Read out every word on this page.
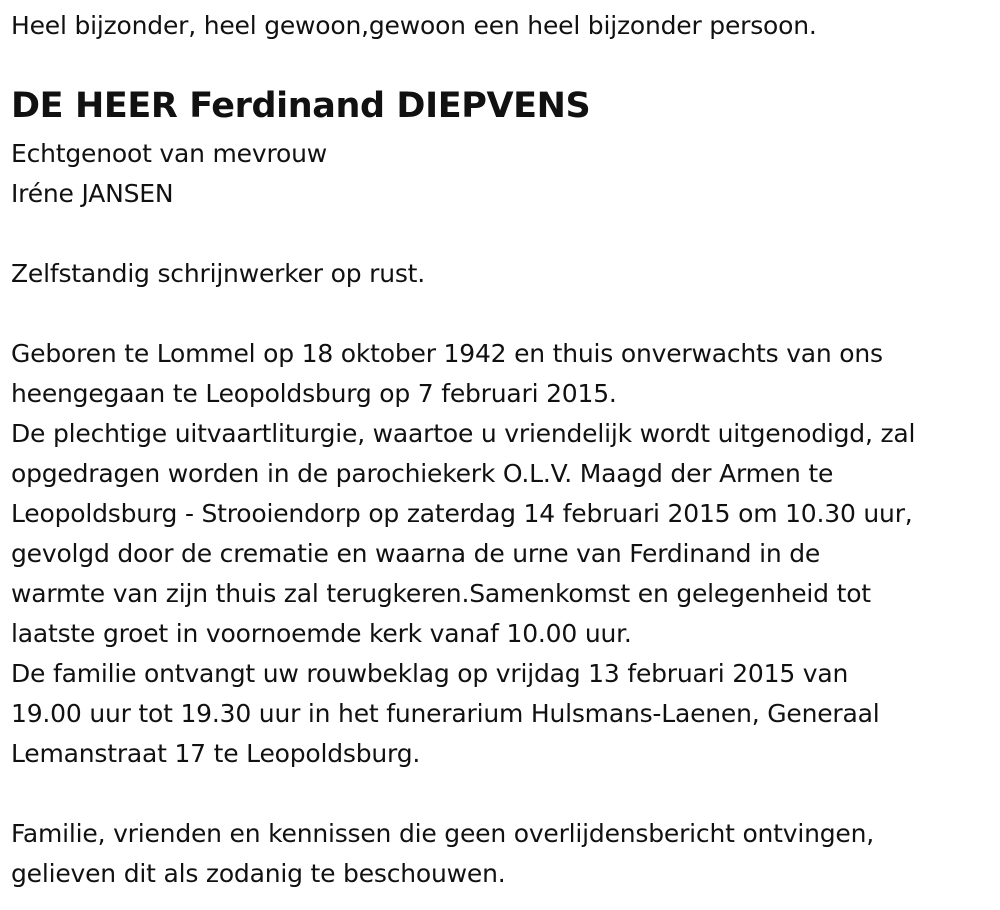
Heel bijzonder, heel gewoon,gewoon een heel bijzonder persoon.
DE HEER Ferdinand DIEPVENS
Echtgenoot van mevrouw
Iréne JANSEN
Zelfstandig schrijnwerker op rust.
Geboren te Lommel op 18 oktober 1942 en thuis onverwachts van ons
heengegaan te Leopoldsburg op 7 februari 2015.
De plechtige uitvaartliturgie, waartoe u vriendelijk wordt uitgenodigd, zal
opgedragen worden in de parochiekerk O.L.V. Maagd der Armen te
Leopoldsburg - Strooiendorp op zaterdag 14 februari 2015 om 10.30 uur,
gevolgd door de crematie en waarna de urne van Ferdinand in de
warmte van zijn thuis zal terugkeren.Samenkomst en gelegenheid tot
laatste groet in voornoemde kerk vanaf 10.00 uur.
De familie ontvangt uw rouwbeklag op vrijdag 13 februari 2015 van
19.00 uur tot 19.30 uur in het funerarium Hulsmans-Laenen, Generaal
Lemanstraat 17 te Leopoldsburg.
Familie, vrienden en kennissen die geen overlijdensbericht ontvingen,
gelieven dit als zodanig te beschouwen.
